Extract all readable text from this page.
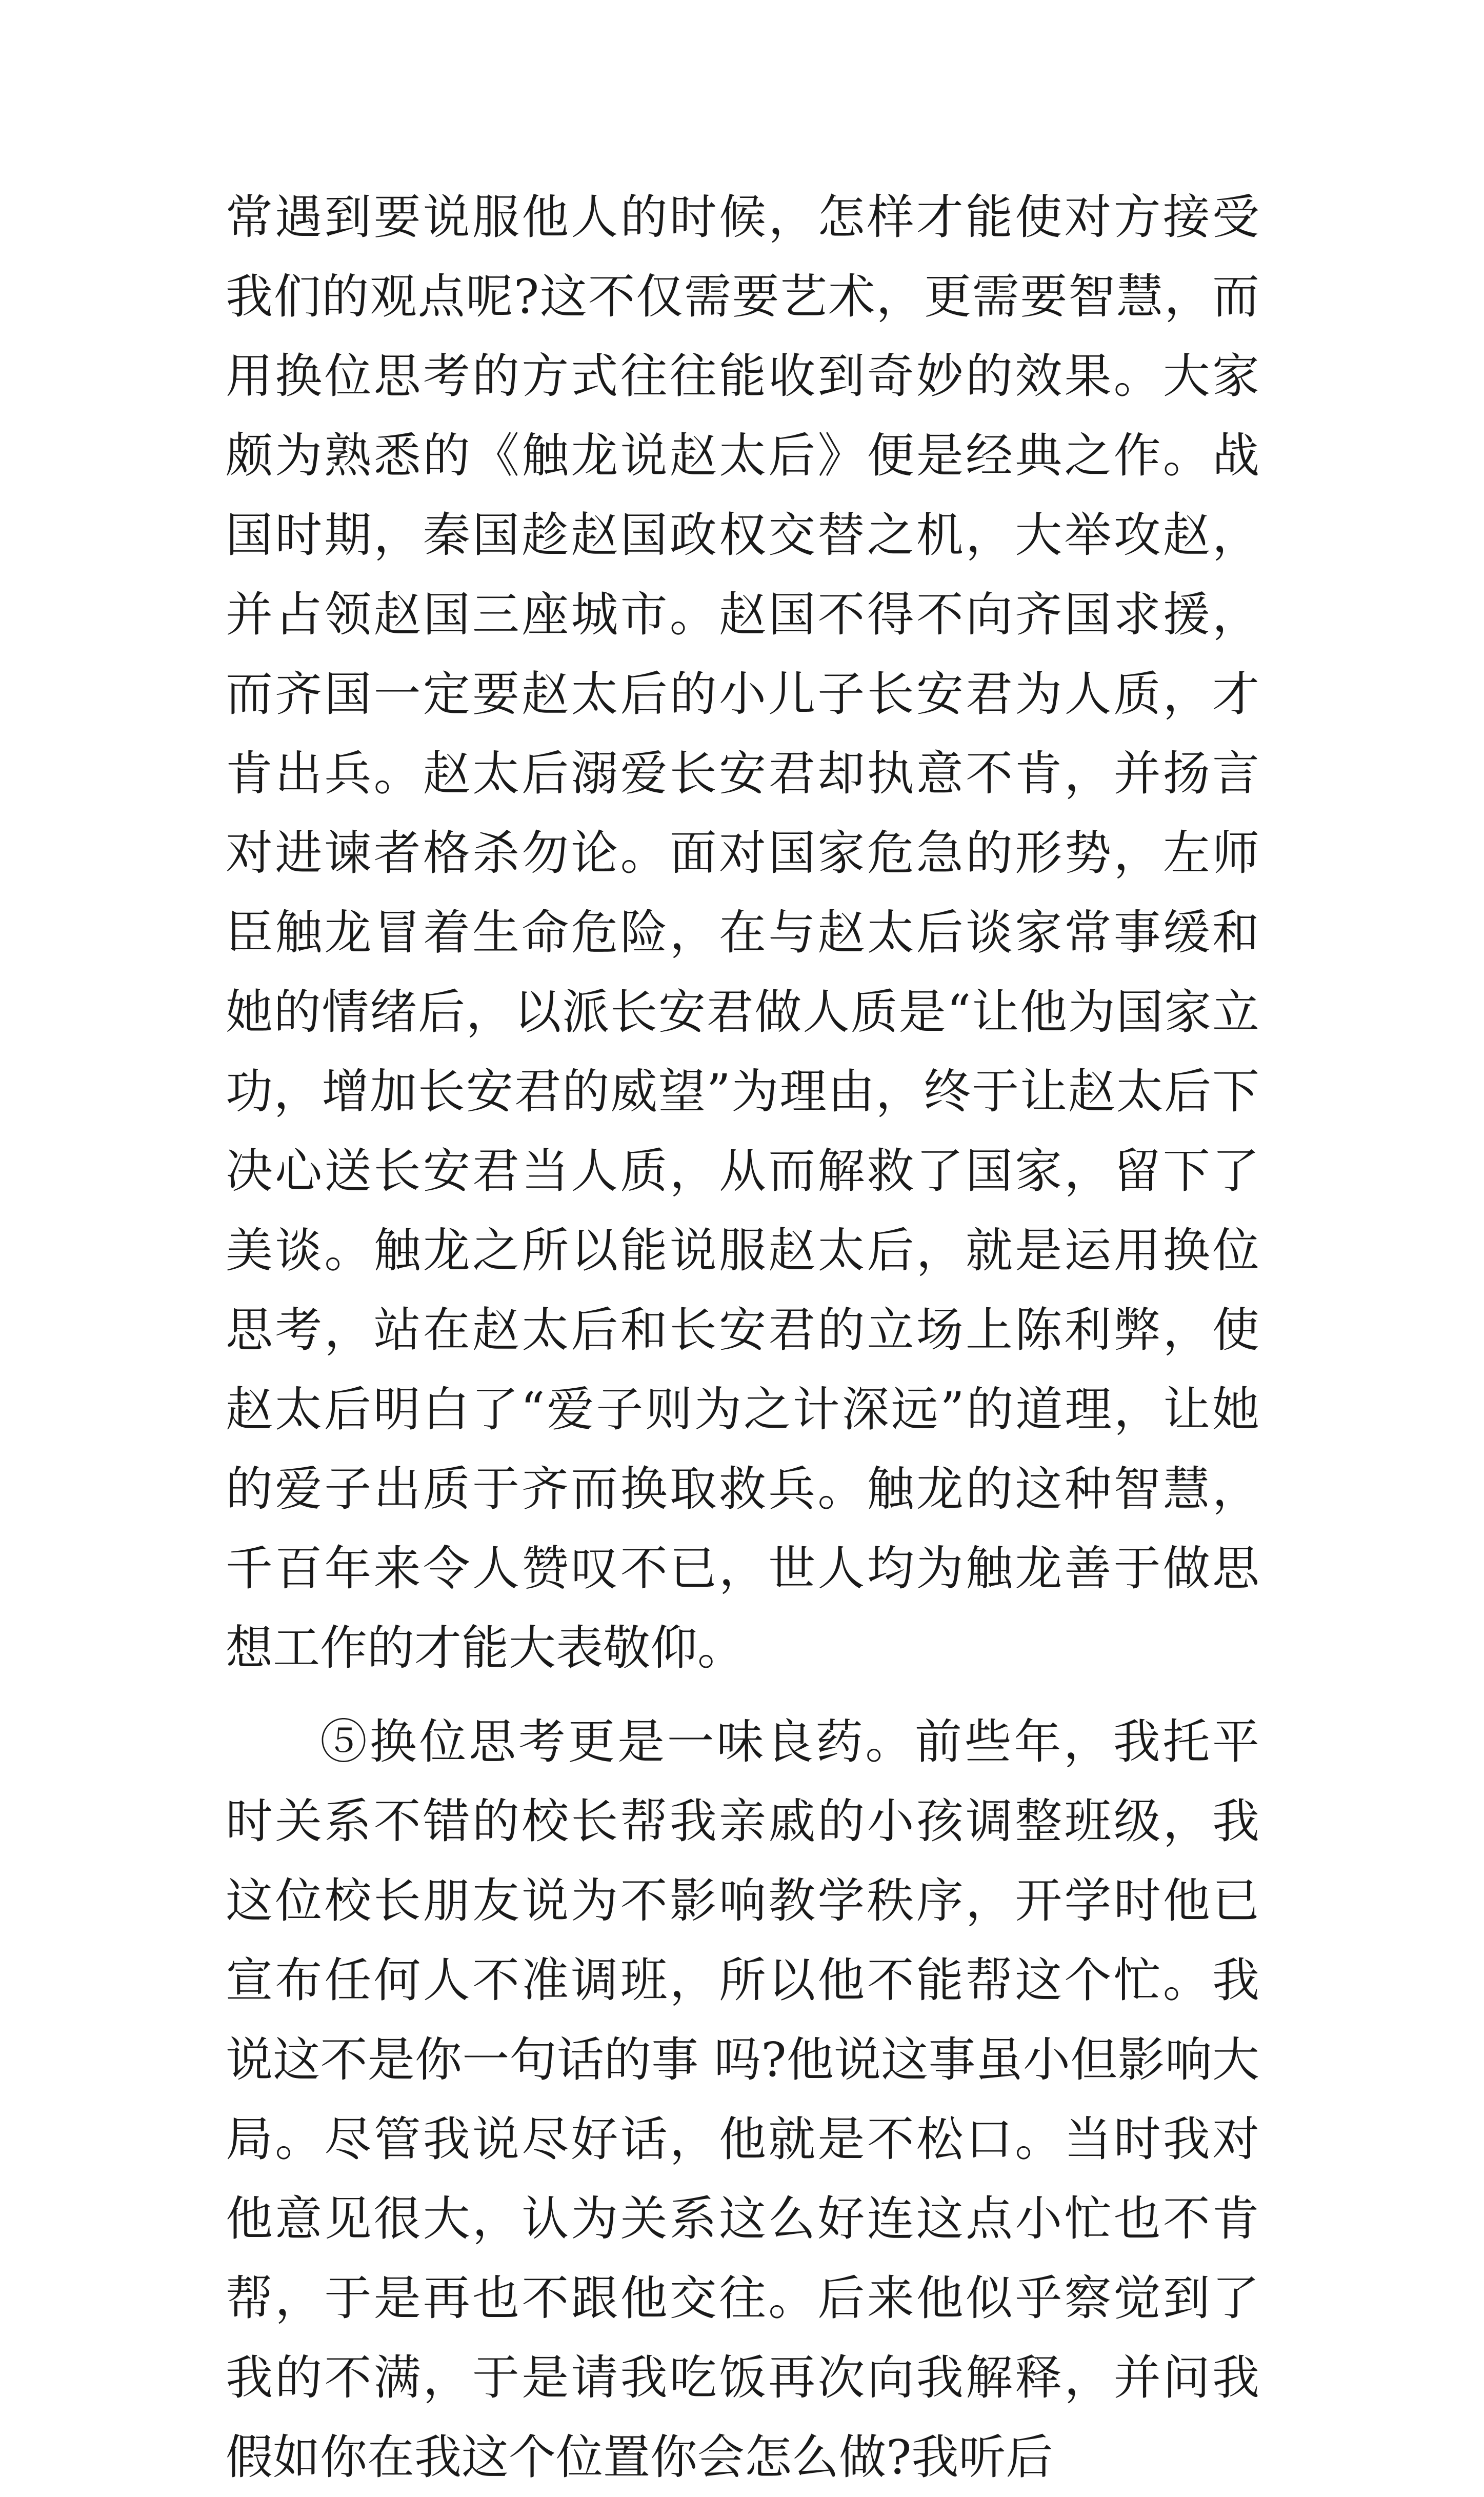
常遇到要说服他人的时候，怎样才能使对方接受我们的观点呢?这不仅需要艺术，更需要智慧，而用换位思考的方式往往能收到奇妙的效果。大家颇为熟悉的《触龙说赵太后》便是经典之作。战国时期，秦国趁赵国政权交替之机，大举攻赵，并占领赵国三座城市。赵国不得不向齐国求援，而齐国一定要赵太后的小儿子长安君为人质，才肯出兵。赵太后溺爱长安君却执意不肯，并扬言对进谏者格杀勿论。面对国家危急的形势，左师臣触龙冒着生命危险，在与赵太后谈家常事缓和她的情绪后，以派长安君做人质是“让他为国家立功，增加长安君的威望”为理由，终于让赵太后下决心送长安君当人质，从而解救了国家，留下了美谈。触龙之所以能说服赵太后，就是运用换位思考，站在赵太后和长安君的立场上陈利弊，使赵太后明白了“爱子则为之计深远”的道理，让她的爱子出质于齐而换取救兵。触龙的这种智慧，千百年来令人赞叹不已，世人均为触龙善于做思想工作的才能大表敬仰。

⑤换位思考更是一味良药。前些年，我托平时关系不错的校长帮我亲戚的小孩调整班级，我这位校长朋友说为不影响教学秩序，开学时他已宣布任何人不准调班，所以他不能帮这个忙。我说这不是你一句话的事 吗?他说这事虽小但影响大局。尽管我说尽好话，他就是不松口。当时我对他意见很大，认为关系这么好连这点小忙也不肯帮，于是再也不跟他交往。后来他似乎察觉到了我的不满，于是请我吃饭再次向我解释，并问我假如你在我这个位置你会怎么做?我听后
